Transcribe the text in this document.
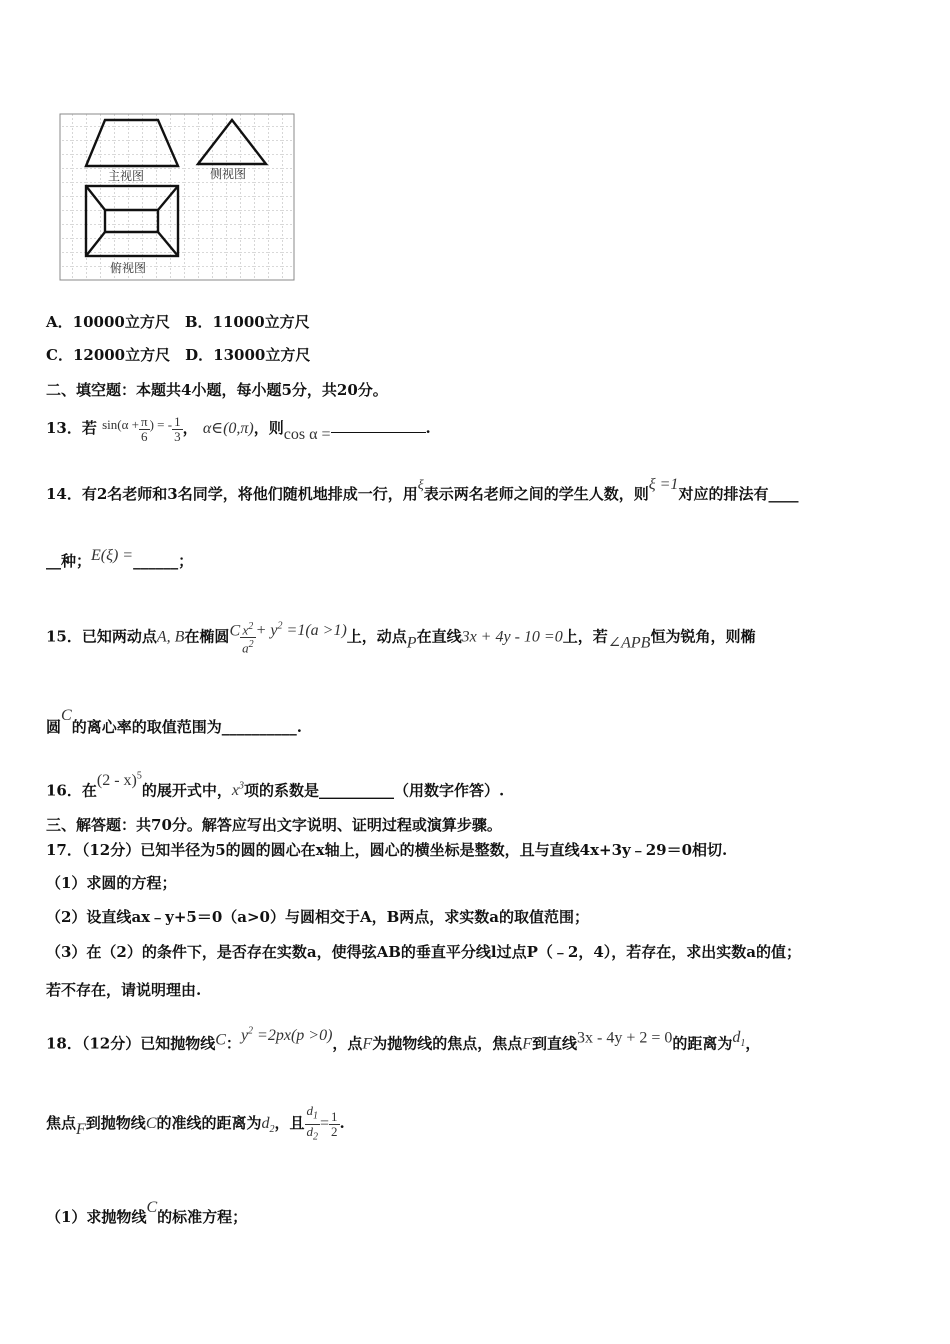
主视图	侧视图
俯视图
A．10000立方尺　B．11000立方尺
C．12000立方尺　D．13000立方尺
二、填空题：本题共4小题，每小题5分，共20分。
13．若 $\sin(\alpha + \frac{\pi}{6}$ ) = - $\frac{1}{3}$ ， α∈(0,π)，则cos α =	.
14．有2名老师和3名同学，将他们随机地排成一行，用ξ表示两名老师之间的学生人数，则ξ =1对应的排法有____
__种；E(ξ) =______；
15．已知两动点A, B在椭圆C $\frac{x^2}{a^2} + y^2 =1(a >1)$上，动点P在直线3x + 4y - 10 =0上，若∠APB恒为锐角，则椭
圆C的离心率的取值范围为__________.
16．在(2 - x)$^5$的展开式中，$x^3$项的系数是__________（用数字作答）.
三、解答题：共70分。解答应写出文字说明、证明过程或演算步骤。
17．（12分）已知半径为5的圆的圆心在x轴上，圆心的横坐标是整数，且与直线4x+3y﹣29＝0相切.
（1）求圆的方程；
（2）设直线ax﹣y+5＝0（a>0）与圆相交于A，B两点，求实数a的取值范围；
（3）在（2）的条件下，是否存在实数a，使得弦AB的垂直平分线l过点P（﹣2，4），若存在，求出实数a的值；
若不存在，请说明理由.
18．（12分）已知抛物线C：$y^2 =2px(p >0)$，点F为抛物线的焦点，焦点F到直线3x - 4y + 2 = 0的距离为$d_1$，
焦点F到抛物线C的准线的距离为$d_2$，且 $\frac{d_1}{d_2} = \frac{1}{2}$ .
（1）求抛物线C的标准方程；
